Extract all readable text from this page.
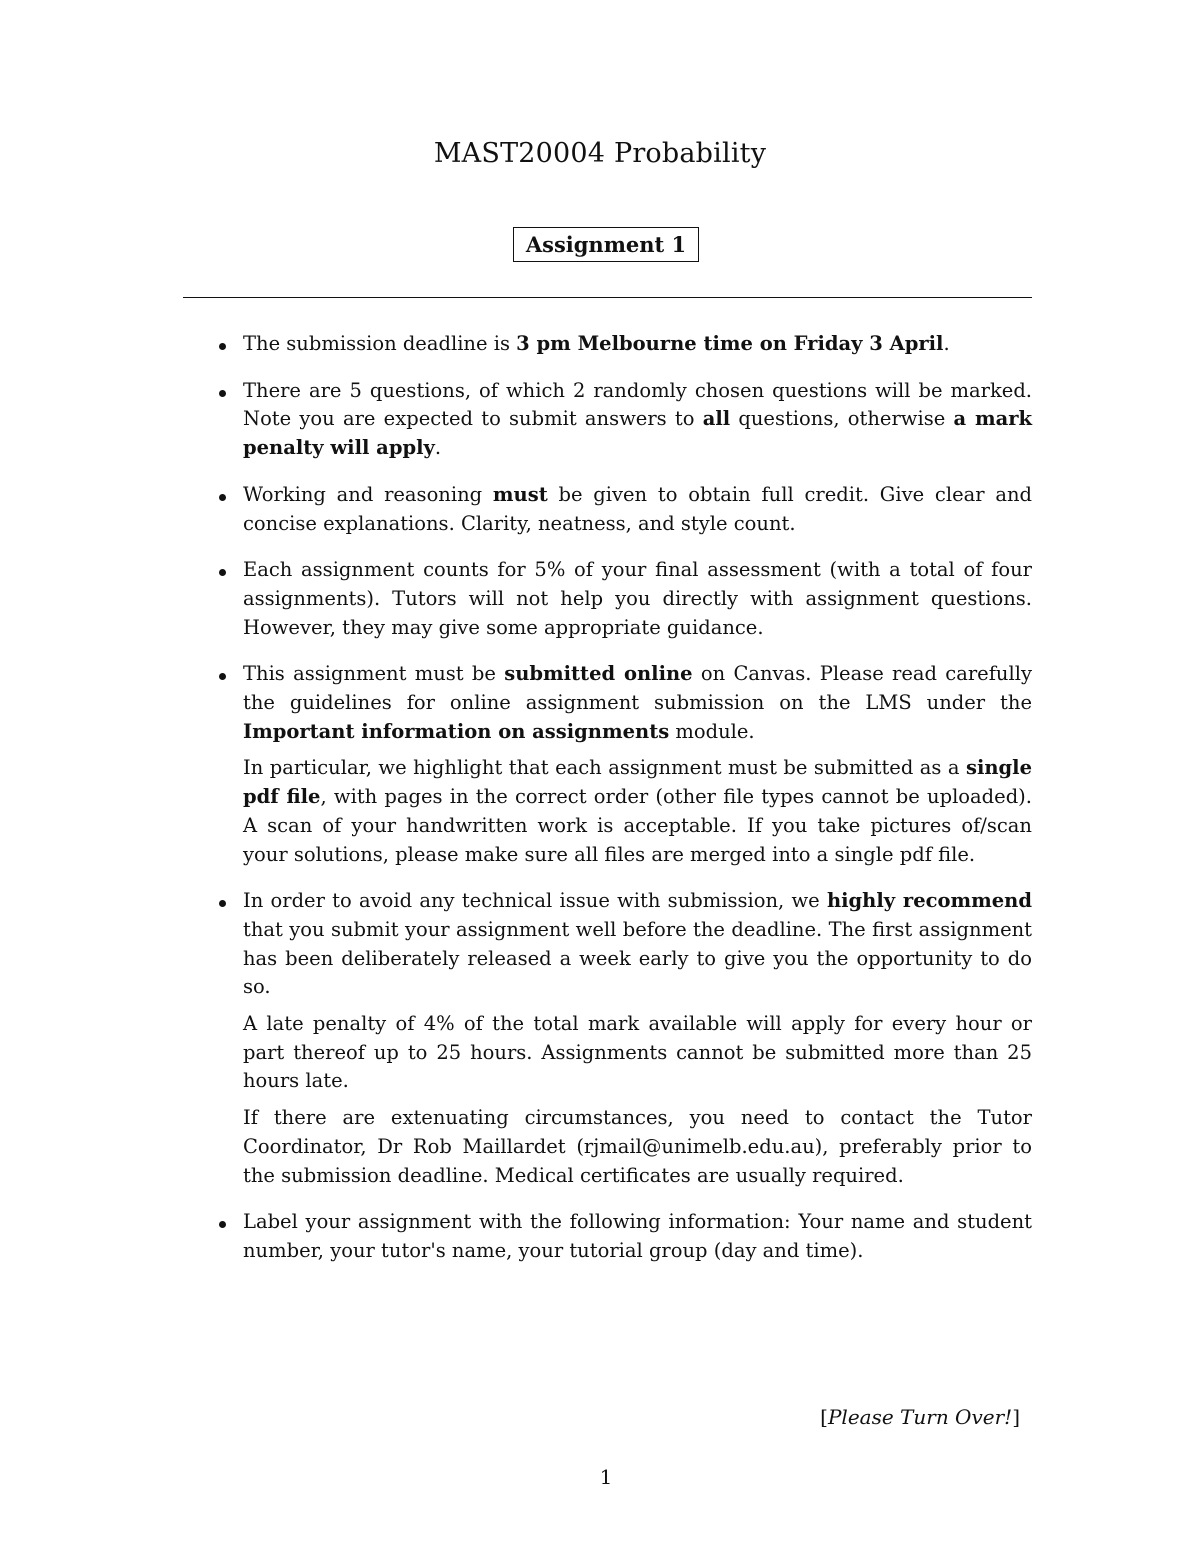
MAST20004 Probability
Assignment 1

The submission deadline is 3 pm Melbourne time on Friday 3 April.

There are 5 questions, of which 2 randomly chosen questions will be marked. Note you are expected to submit answers to all questions, otherwise a mark penalty will apply.

Working and reasoning must be given to obtain full credit. Give clear and concise explanations. Clarity, neatness, and style count.

Each assignment counts for 5% of your final assessment (with a total of four assignments). Tutors will not help you directly with assignment questions. However, they may give some appropriate guidance.

This assignment must be submitted online on Canvas. Please read carefully the guidelines for online assignment submission on the LMS under the Important information on assignments module.

In particular, we highlight that each assignment must be submitted as a single pdf file, with pages in the correct order (other file types cannot be uploaded). A scan of your handwritten work is acceptable. If you take pictures of/scan your solutions, please make sure all files are merged into a single pdf file.

In order to avoid any technical issue with submission, we highly recommend that you submit your assignment well before the deadline. The first assignment has been deliberately released a week early to give you the opportunity to do so.

A late penalty of 4% of the total mark available will apply for every hour or part thereof up to 25 hours. Assignments cannot be submitted more than 25 hours late.

If there are extenuating circumstances, you need to contact the Tutor Coordinator, Dr Rob Maillardet (rjmail@unimelb.edu.au), preferably prior to the submission deadline. Medical certificates are usually required.

Label your assignment with the following information: Your name and student number, your tutor's name, your tutorial group (day and time).

[Please Turn Over!]
1
